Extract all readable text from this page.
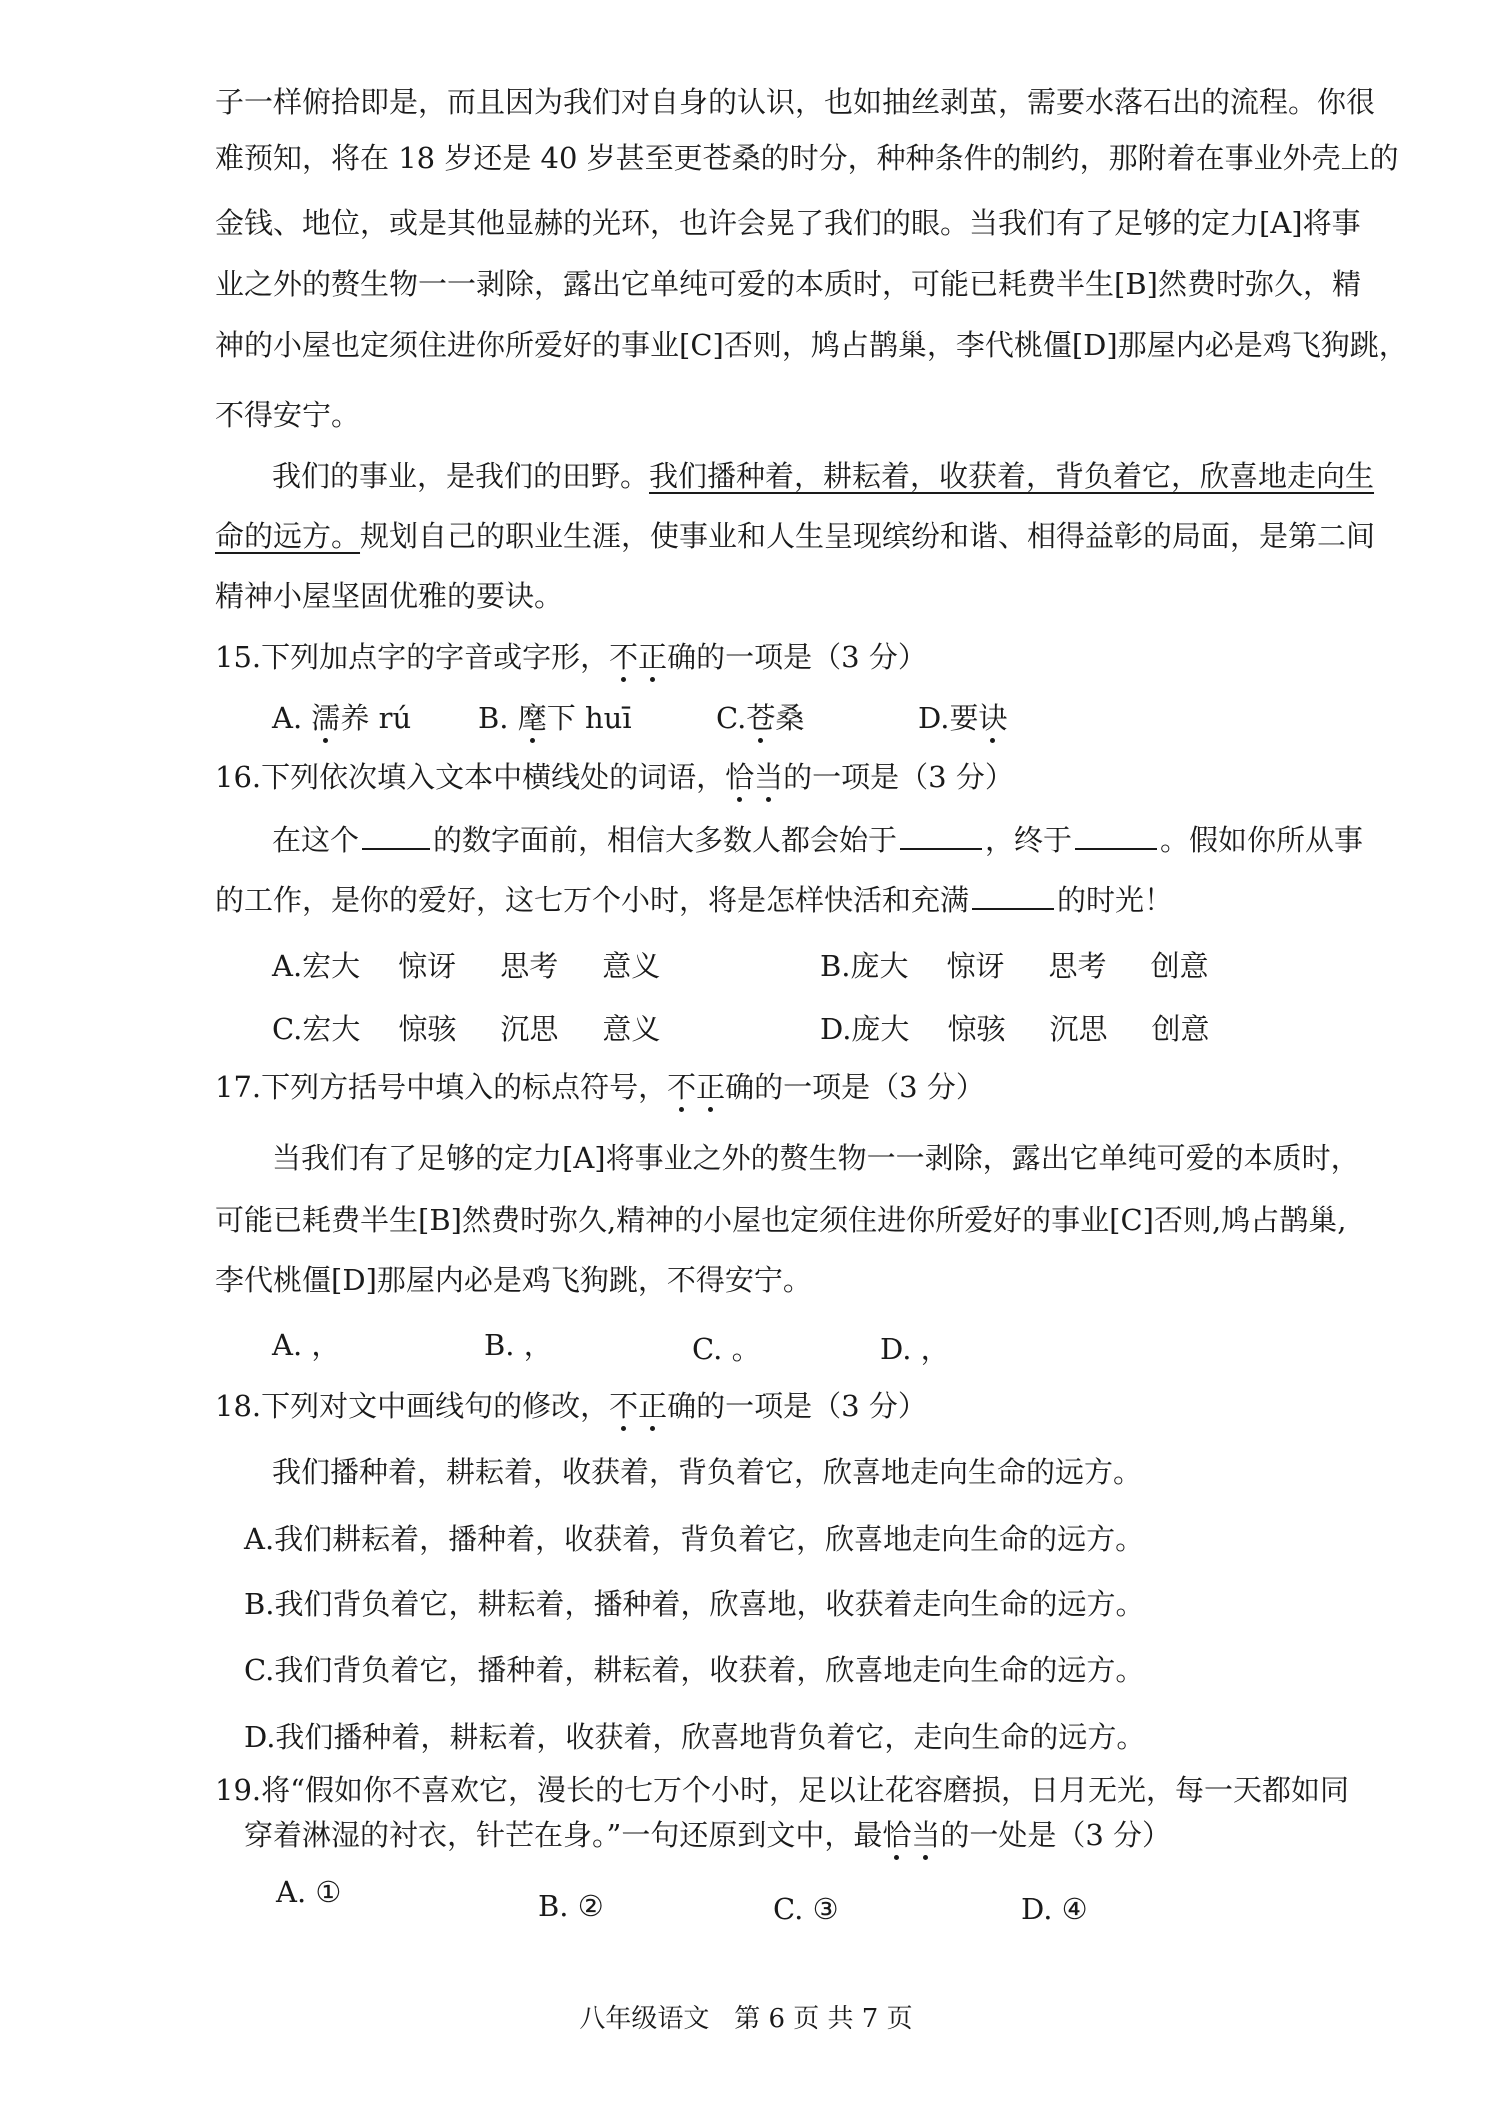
子一样俯拾即是，而且因为我们对自身的认识，也如抽丝剥茧，需要水落石出的流程。你很
难预知，将在 18 岁还是 40 岁甚至更苍桑的时分，种种条件的制约，那附着在事业外壳上的
金钱、地位，或是其他显赫的光环，也许会晃了我们的眼。当我们有了足够的定力[A]将事
业之外的赘生物一一剥除，露出它单纯可爱的本质时，可能已耗费半生[B]然费时弥久，精
神的小屋也定须住进你所爱好的事业[C]否则，鸠占鹊巢，李代桃僵[D]那屋内必是鸡飞狗跳，
不得安宁。
我们的事业，是我们的田野。我们播种着，耕耘着，收获着，背负着它，欣喜地走向生
命的远方。规划自己的职业生涯，使事业和人生呈现缤纷和谐、相得益彰的局面，是第二间
精神小屋坚固优雅的要诀。
15.下列加点字的字音或字形，不正确的一项是（3 分）
A. 濡养 rú B. 麾下 huī	C.苍桑	D.要诀
16.下列依次填入文本中横线处的词语，恰当的一项是（3 分）
在这个	的数字面前，相信大多数人都会始于	，终于	。假如你所从事
的工作，是你的爱好，这七万个小时，将是怎样快活和充满	的时光！
A.宏大 惊讶 思考 意义	B.庞大 惊讶 思考 创意
C.宏大 惊骇 沉思 意义	D.庞大 惊骇 沉思 创意
17.下列方括号中填入的标点符号，不正确的一项是（3 分）
当我们有了足够的定力[A]将事业之外的赘生物一一剥除，露出它单纯可爱的本质时，
可能已耗费半生[B]然费时弥久,精神的小屋也定须住进你所爱好的事业[C]否则,鸠占鹊巢,
李代桃僵[D]那屋内必是鸡飞狗跳，不得安宁。
A. ，	B. ，	C. 。	D. ，
18.下列对文中画线句的修改，不正确的一项是（3 分）
我们播种着，耕耘着，收获着，背负着它，欣喜地走向生命的远方。
A.我们耕耘着，播种着，收获着，背负着它，欣喜地走向生命的远方。
B.我们背负着它，耕耘着，播种着，欣喜地，收获着走向生命的远方。
C.我们背负着它，播种着，耕耘着，收获着，欣喜地走向生命的远方。
D.我们播种着，耕耘着，收获着，欣喜地背负着它，走向生命的远方。
19.将“假如你不喜欢它，漫长的七万个小时，足以让花容磨损，日月无光，每一天都如同
穿着淋湿的衬衣，针芒在身。”一句还原到文中，最恰当的一处是（3 分）
A. ①	B. ②	C. ③	D. ④
八年级语文 第 6 页 共 7 页
